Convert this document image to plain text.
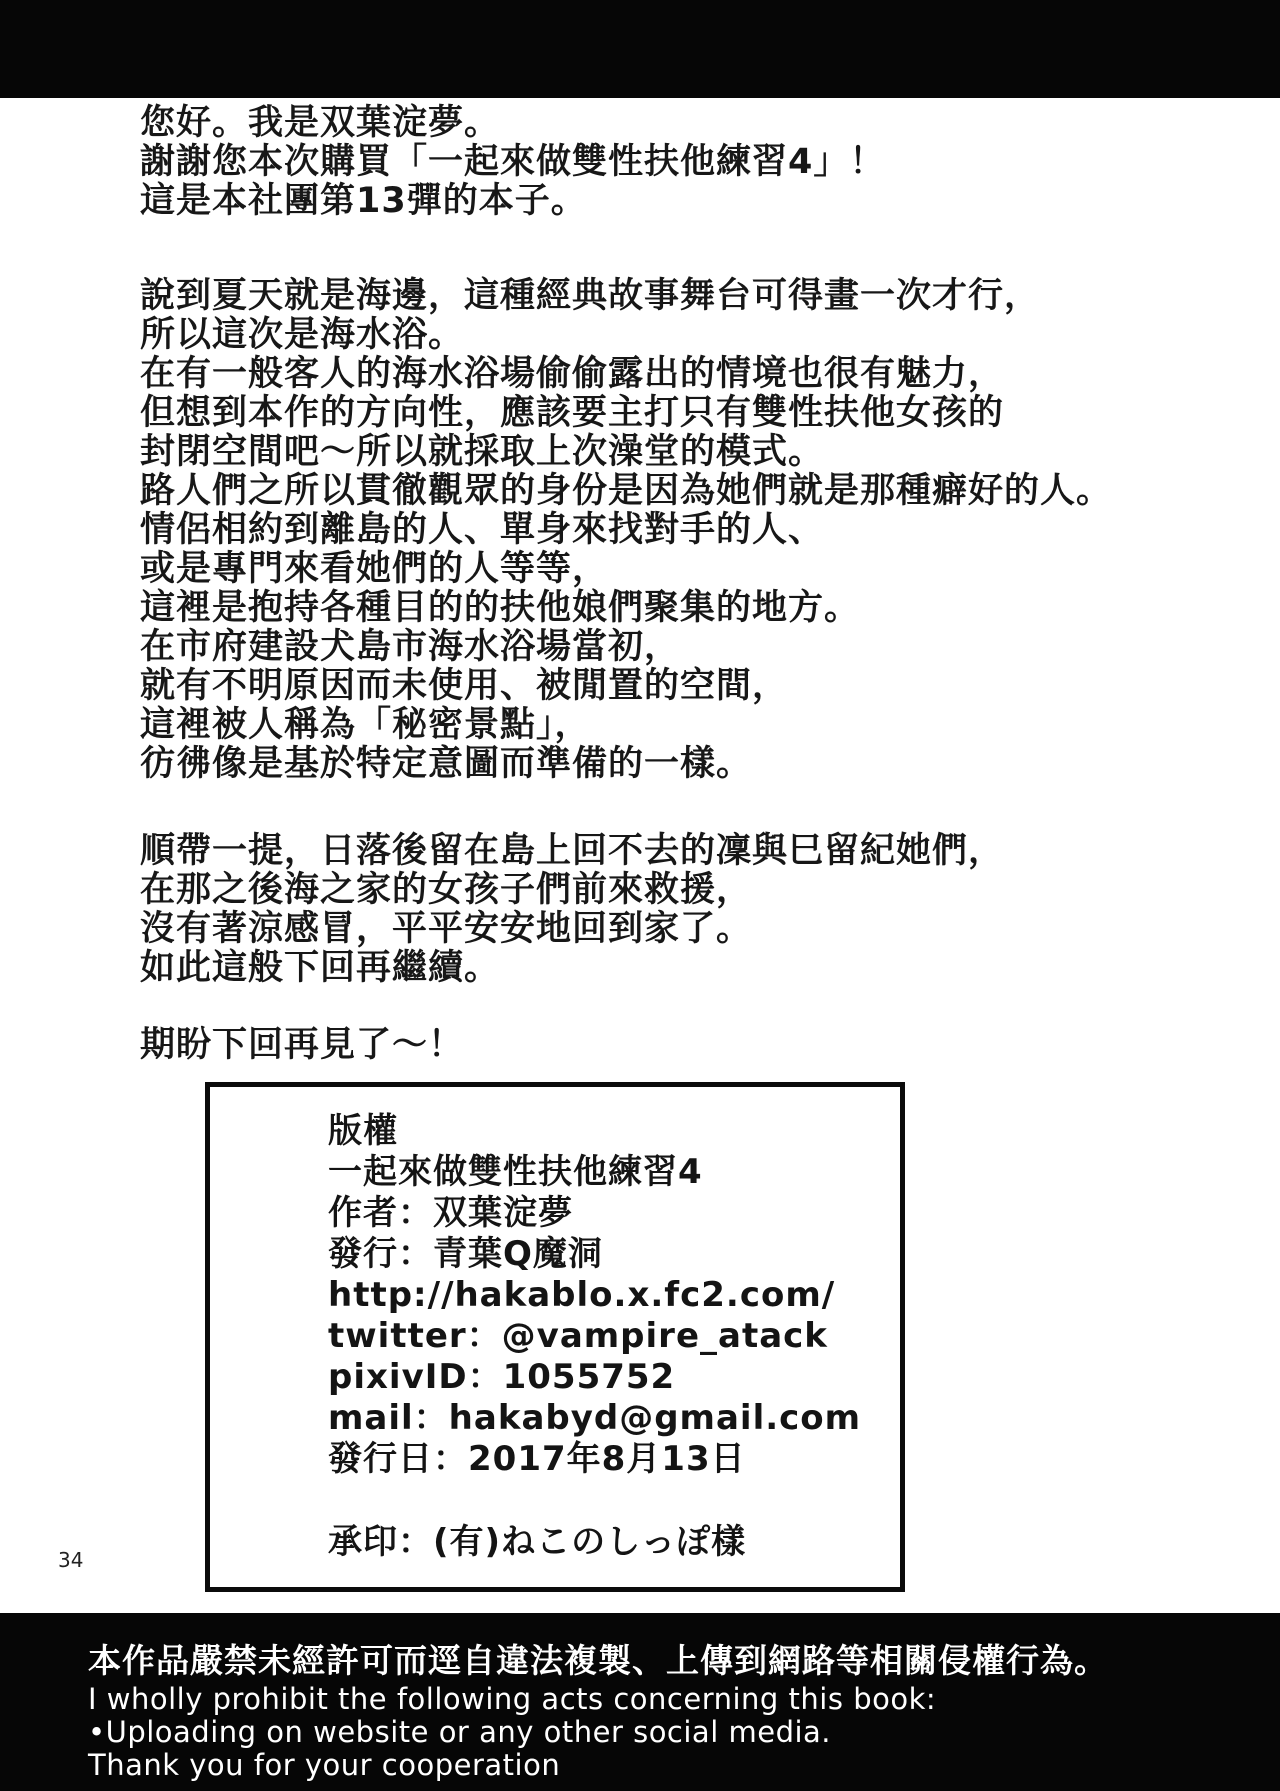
您好。我是双葉淀夢。
謝謝您本次購買「一起來做雙性扶他練習4」！
這是本社團第13彈的本子。
說到夏天就是海邊，這種經典故事舞台可得畫一次才行，
所以這次是海水浴。
在有一般客人的海水浴場偷偷露出的情境也很有魅力，
但想到本作的方向性，應該要主打只有雙性扶他女孩的
封閉空間吧～所以就採取上次澡堂的模式。
路人們之所以貫徹觀眾的身份是因為她們就是那種癖好的人。
情侶相約到離島的人、單身來找對手的人、
或是專門來看她們的人等等，
這裡是抱持各種目的的扶他娘們聚集的地方。
在市府建設犬島市海水浴場當初，
就有不明原因而未使用、被閒置的空間，
這裡被人稱為「秘密景點」，
彷彿像是基於特定意圖而準備的一樣。
順帶一提，日落後留在島上回不去的凜與巳留紀她們，
在那之後海之家的女孩子們前來救援，
沒有著涼感冒，平平安安地回到家了。
如此這般下回再繼續。
期盼下回再見了～！
版權
一起來做雙性扶他練習4
作者：双葉淀夢
發行：青葉Q魔洞
http://hakablo.x.fc2.com/
twitter：@vampire_atack
pixivID：1055752
mail：hakabyd@gmail.com
發行日：2017年8月13日
承印：(有)ねこのしっぽ樣
34
本作品嚴禁未經許可而逕自違法複製、上傳到網路等相關侵權行為。
I wholly prohibit the following acts concerning this book:
•Uploading on website or any other social media.
Thank you for your cooperation
